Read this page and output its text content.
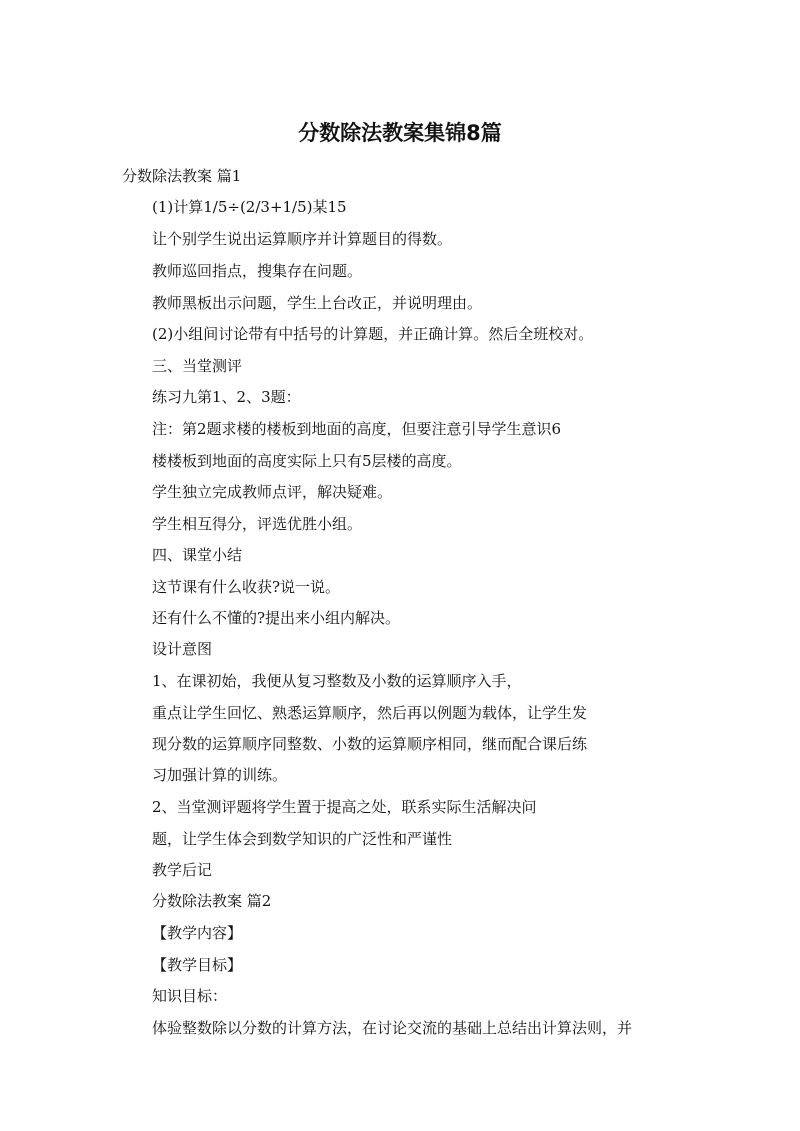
分数除法教案集锦8篇
分数除法教案 篇1
(1)计算1/5÷(2/3+1/5)某15
让个别学生说出运算顺序并计算题目的得数。
教师巡回指点，搜集存在问题。
教师黑板出示问题，学生上台改正，并说明理由。
(2)小组间讨论带有中括号的计算题，并正确计算。然后全班校对。
三、当堂测评
练习九第1、2、3题：
注：第2题求楼的楼板到地面的高度，但要注意引导学生意识6
楼楼板到地面的高度实际上只有5层楼的高度。
学生独立完成教师点评，解决疑难。
学生相互得分，评选优胜小组。
四、课堂小结
这节课有什么收获?说一说。
还有什么不懂的?提出来小组内解决。
设计意图
1、在课初始，我便从复习整数及小数的运算顺序入手，
重点让学生回忆、熟悉运算顺序，然后再以例题为载体，让学生发
现分数的运算顺序同整数、小数的运算顺序相同，继而配合课后练
习加强计算的训练。
2、当堂测评题将学生置于提高之处，联系实际生活解决问
题，让学生体会到数学知识的广泛性和严谨性
教学后记
分数除法教案 篇2
【教学内容】
【教学目标】
知识目标：
体验整数除以分数的计算方法，在讨论交流的基础上总结出计算法则，并
